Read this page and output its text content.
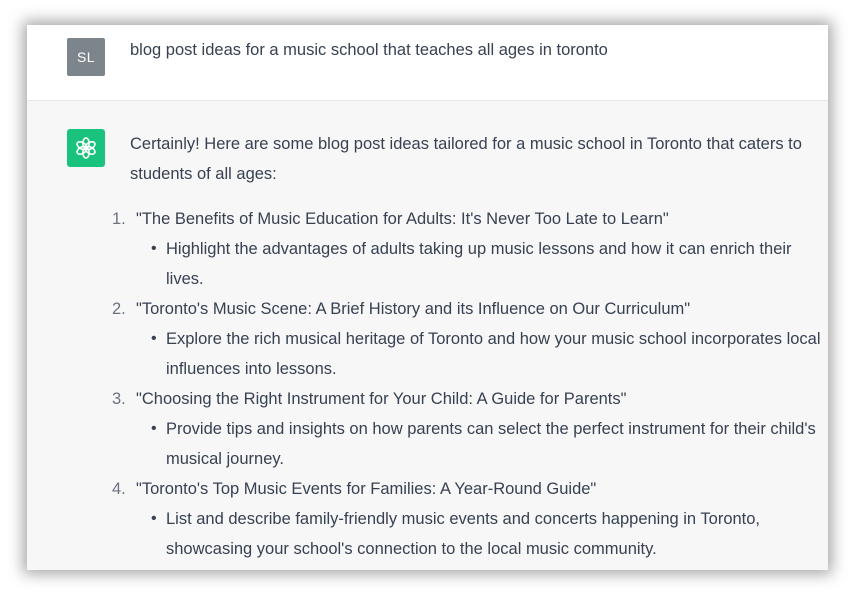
SL	blog post ideas for a music school that teaches all ages in toronto

Certainly! Here are some blog post ideas tailored for a music school in Toronto that caters to students of all ages:

1. "The Benefits of Music Education for Adults: It's Never Too Late to Learn"
• Highlight the advantages of adults taking up music lessons and how it can enrich their lives.
2. "Toronto's Music Scene: A Brief History and its Influence on Our Curriculum"
• Explore the rich musical heritage of Toronto and how your music school incorporates local influences into lessons.
3. "Choosing the Right Instrument for Your Child: A Guide for Parents"
• Provide tips and insights on how parents can select the perfect instrument for their child's musical journey.
4. "Toronto's Top Music Events for Families: A Year-Round Guide"
• List and describe family-friendly music events and concerts happening in Toronto, showcasing your school's connection to the local music community.
